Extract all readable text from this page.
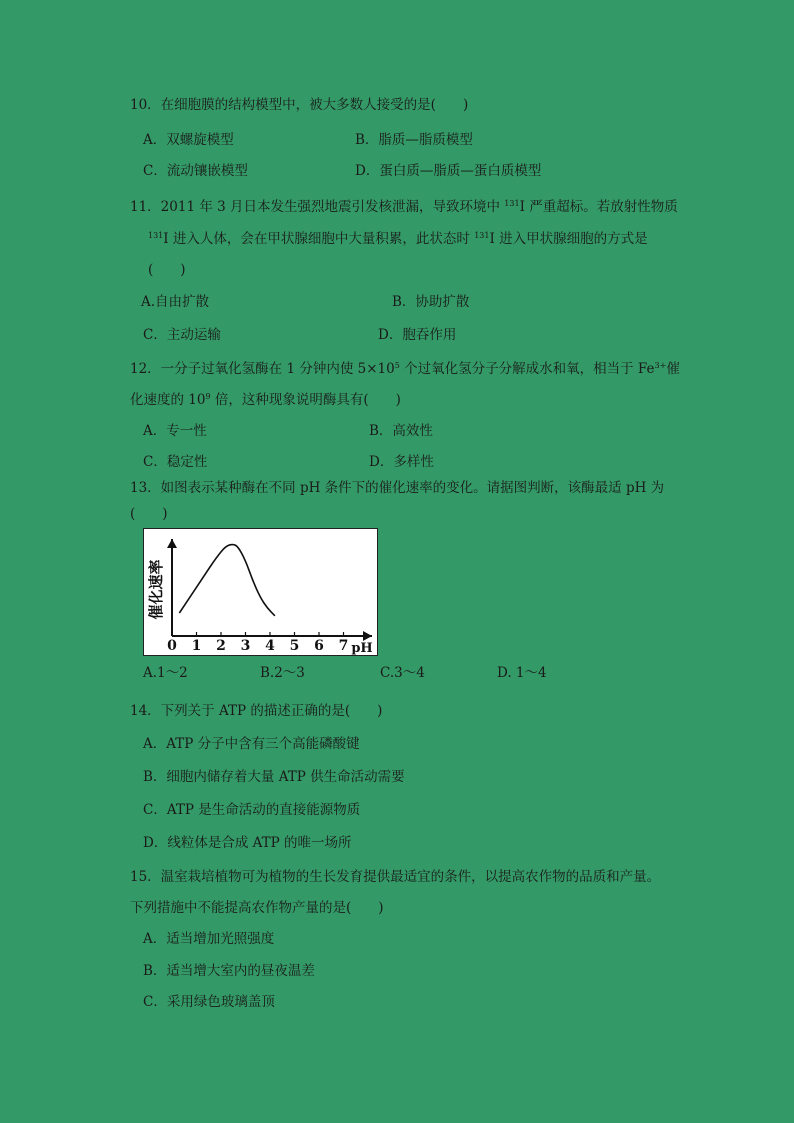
10．在细胞膜的结构模型中，被大多数人接受的是(　　)
A．双螺旋模型	B．脂质—脂质模型
C．流动镶嵌模型	D．蛋白质—脂质—蛋白质模型
11．2011 年 3 月日本发生强烈地震引发核泄漏，导致环境中 $^{131}$I 严重超标。若放射性物质
$^{131}$I 进入人体，会在甲状腺细胞中大量积累，此状态时 $^{131}$I 进入甲状腺细胞的方式是
(　　)
A.自由扩散	B．协助扩散
C．主动运输	D．胞吞作用
12．一分子过氧化氢酶在 1 分钟内使 $5\times 10^5$ 个过氧化氢分子分解成水和氧，相当于 $Fe^{3+}$催
化速度的 $10^9$ 倍，这种现象说明酶具有(　　)
A．专一性	B．高效性
C．稳定性	D．多样性
13．如图表示某种酶在不同 pH 条件下的催化速率的变化。请据图判断，该酶最适 pH 为
(　　)
0 1 2 3 4 5 6 7 pH
催化速率
A.1～2	B.2～3	C.3～4	D. 1～4
14．下列关于 ATP 的描述正确的是(　　)
A．ATP 分子中含有三个高能磷酸键
B．细胞内储存着大量 ATP 供生命活动需要
C．ATP 是生命活动的直接能源物质
D．线粒体是合成 ATP 的唯一场所
15．温室栽培植物可为植物的生长发育提供最适宜的条件，以提高农作物的品质和产量。
下列措施中不能提高农作物产量的是(　　)
A．适当增加光照强度
B．适当增大室内的昼夜温差
C．采用绿色玻璃盖顶
